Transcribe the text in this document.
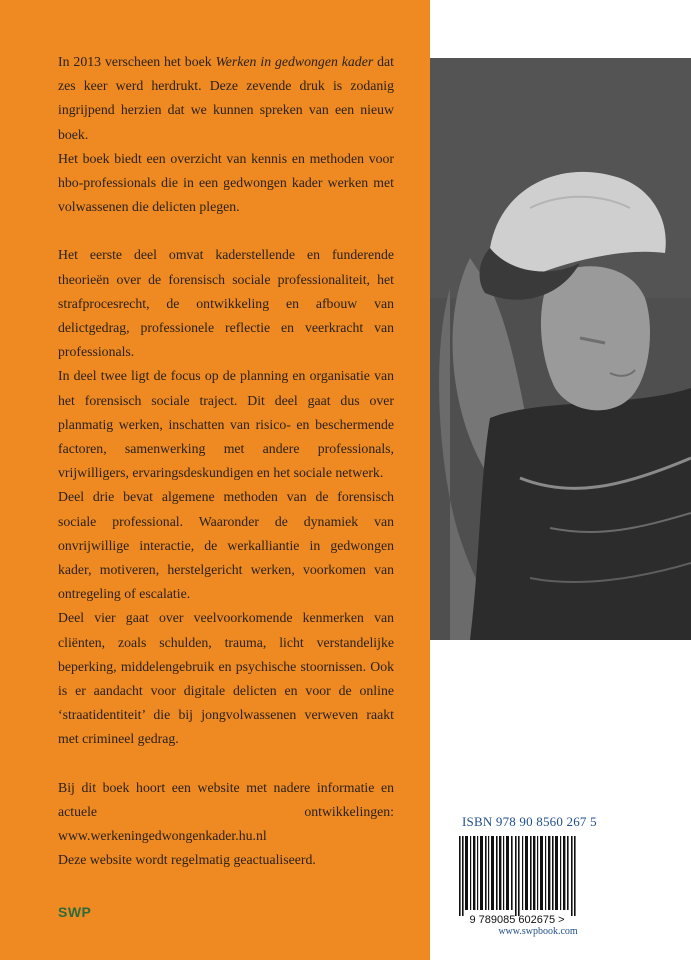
In 2013 verscheen het boek Werken in gedwongen kader dat zes keer werd herdrukt. Deze zevende druk is zodanig ingrijpend herzien dat we kunnen spreken van een nieuw boek.

Het boek biedt een overzicht van kennis en methoden voor hbo-professionals die in een gedwongen kader werken met volwassenen die delicten plegen.

Het eerste deel omvat kaderstellende en funderende theorieën over de forensisch sociale professionaliteit, het strafprocesrecht, de ontwikkeling en afbouw van delictgedrag, professionele reflectie en veerkracht van professionals.

In deel twee ligt de focus op de planning en organisatie van het forensisch sociale traject. Dit deel gaat dus over planmatig werken, inschatten van risico- en beschermende factoren, samenwerking met andere professionals, vrijwilligers, ervaringsdeskundigen en het sociale netwerk.

Deel drie bevat algemene methoden van de forensisch sociale professional. Waaronder de dynamiek van onvrijwillige interactie, de werkalliantie in gedwongen kader, motiveren, herstelgericht werken, voorkomen van ontregeling of escalatie.

Deel vier gaat over veelvoorkomende kenmerken van cliënten, zoals schulden, trauma, licht verstandelijke beperking, middelengebruik en psychische stoornissen. Ook is er aandacht voor digitale delicten en voor de online ‘straatidentiteit’ die bij jongvolwassenen verweven raakt met crimineel gedrag.

Bij dit boek hoort een website met nadere informatie en actuele ontwikkelingen: www.werkeningedwongenkader.hu.nl

Deze website wordt regelmatig geactualiseerd.

SWP
ISBN 978 90 8560 267 5
9 789085 602675 >
www.swpbook.com
